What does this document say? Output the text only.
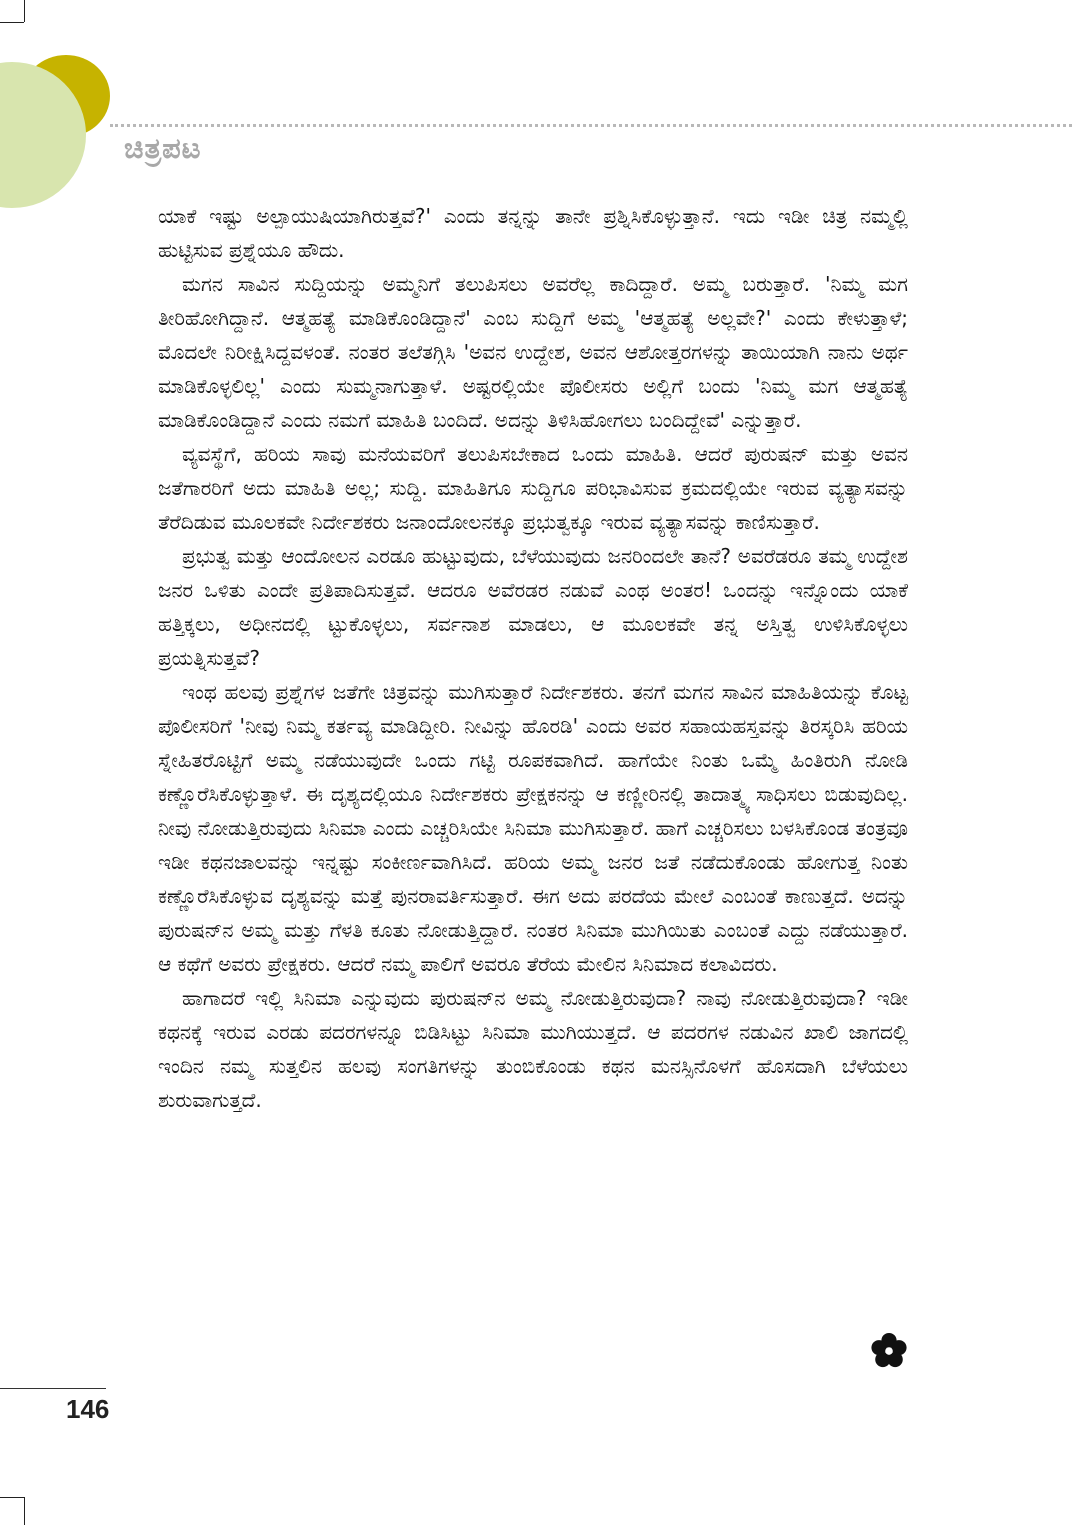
ಚಿತ್ರಪಟ

ಯಾಕೆ ಇಷ್ಟು ಅಲ್ಪಾಯುಷಿಯಾಗಿರುತ್ತವೆ?' ಎಂದು ತನ್ನನ್ನು ತಾನೇ ಪ್ರಶ್ನಿಸಿಕೊಳ್ಳುತ್ತಾನೆ. ಇದು ಇಡೀ ಚಿತ್ರ ನಮ್ಮಲ್ಲಿ ಹುಟ್ಟಿಸುವ ಪ್ರಶ್ನೆಯೂ ಹೌದು.

ಮಗನ ಸಾವಿನ ಸುದ್ದಿಯನ್ನು ಅಮ್ಮನಿಗೆ ತಲುಪಿಸಲು ಅವರೆಲ್ಲ ಕಾದಿದ್ದಾರೆ. ಅಮ್ಮ ಬರುತ್ತಾರೆ. 'ನಿಮ್ಮ ಮಗ ತೀರಿಹೋಗಿದ್ದಾನೆ. ಆತ್ಮಹತ್ಯೆ ಮಾಡಿಕೊಂಡಿದ್ದಾನೆ' ಎಂಬ ಸುದ್ದಿಗೆ ಅಮ್ಮ 'ಆತ್ಮಹತ್ಯೆ ಅಲ್ಲವೇ?' ಎಂದು ಕೇಳುತ್ತಾಳೆ; ಮೊದಲೇ ನಿರೀಕ್ಷಿಸಿದ್ದವಳಂತೆ. ನಂತರ ತಲೆತಗ್ಗಿಸಿ 'ಅವನ ಉದ್ದೇಶ, ಅವನ ಆಶೋತ್ತರಗಳನ್ನು ತಾಯಿಯಾಗಿ ನಾನು ಅರ್ಥ ಮಾಡಿಕೊಳ್ಳಲಿಲ್ಲ' ಎಂದು ಸುಮ್ಮನಾಗುತ್ತಾಳೆ. ಅಷ್ಟರಲ್ಲಿಯೇ ಪೊಲೀಸರು ಅಲ್ಲಿಗೆ ಬಂದು 'ನಿಮ್ಮ ಮಗ ಆತ್ಮಹತ್ಯೆ ಮಾಡಿಕೊಂಡಿದ್ದಾನೆ ಎಂದು ನಮಗೆ ಮಾಹಿತಿ ಬಂದಿದೆ. ಅದನ್ನು ತಿಳಿಸಿಹೋಗಲು ಬಂದಿದ್ದೇವೆ' ಎನ್ನುತ್ತಾರೆ.

ವ್ಯವಸ್ಥೆಗೆ, ಹರಿಯ ಸಾವು ಮನೆಯವರಿಗೆ ತಲುಪಿಸಬೇಕಾದ ಒಂದು ಮಾಹಿತಿ. ಆದರೆ ಪುರುಷನ್ ಮತ್ತು ಅವನ ಜತೆಗಾರರಿಗೆ ಅದು ಮಾಹಿತಿ ಅಲ್ಲ; ಸುದ್ದಿ. ಮಾಹಿತಿಗೂ ಸುದ್ದಿಗೂ ಪರಿಭಾವಿಸುವ ಕ್ರಮದಲ್ಲಿಯೇ ಇರುವ ವ್ಯತ್ಯಾಸವನ್ನು ತೆರೆದಿಡುವ ಮೂಲಕವೇ ನಿರ್ದೇಶಕರು ಜನಾಂದೋಲನಕ್ಕೂ ಪ್ರಭುತ್ವಕ್ಕೂ ಇರುವ ವ್ಯತ್ಯಾಸವನ್ನು ಕಾಣಿಸುತ್ತಾರೆ.

ಪ್ರಭುತ್ವ ಮತ್ತು ಆಂದೋಲನ ಎರಡೂ ಹುಟ್ಟುವುದು, ಬೆಳೆಯುವುದು ಜನರಿಂದಲೇ ತಾನೆ? ಅವರೆಡರೂ ತಮ್ಮ ಉದ್ದೇಶ ಜನರ ಒಳಿತು ಎಂದೇ ಪ್ರತಿಪಾದಿಸುತ್ತವೆ. ಆದರೂ ಅವೆರಡರ ನಡುವೆ ಎಂಥ ಅಂತರ! ಒಂದನ್ನು ಇನ್ನೊಂದು ಯಾಕೆ ಹತ್ತಿಕ್ಕಲು, ಅಧೀನದಲ್ಲಿ ಟ್ಟುಕೊಳ್ಳಲು, ಸರ್ವನಾಶ ಮಾಡಲು, ಆ ಮೂಲಕವೇ ತನ್ನ ಅಸ್ತಿತ್ವ ಉಳಿಸಿಕೊಳ್ಳಲು ಪ್ರಯತ್ನಿಸುತ್ತವೆ?

ಇಂಥ ಹಲವು ಪ್ರಶ್ನೆಗಳ ಜತೆಗೇ ಚಿತ್ರವನ್ನು ಮುಗಿಸುತ್ತಾರೆ ನಿರ್ದೇಶಕರು. ತನಗೆ ಮಗನ ಸಾವಿನ ಮಾಹಿತಿಯನ್ನು ಕೊಟ್ಟ ಪೊಲೀಸರಿಗೆ 'ನೀವು ನಿಮ್ಮ ಕರ್ತವ್ಯ ಮಾಡಿದ್ದೀರಿ. ನೀವಿನ್ನು ಹೊರಡಿ' ಎಂದು ಅವರ ಸಹಾಯಹಸ್ತವನ್ನು ತಿರಸ್ಕರಿಸಿ ಹರಿಯ ಸ್ನೇಹಿತರೊಟ್ಟಿಗೆ ಅಮ್ಮ ನಡೆಯುವುದೇ ಒಂದು ಗಟ್ಟಿ ರೂಪಕವಾಗಿದೆ. ಹಾಗೆಯೇ ನಿಂತು ಒಮ್ಮೆ ಹಿಂತಿರುಗಿ ನೋಡಿ ಕಣ್ಣೊರೆಸಿಕೊಳ್ಳುತ್ತಾಳೆ. ಈ ದೃಶ್ಯದಲ್ಲಿಯೂ ನಿರ್ದೇಶಕರು ಪ್ರೇಕ್ಷಕನನ್ನು ಆ ಕಣ್ಣೀರಿನಲ್ಲಿ ತಾದಾತ್ಮ್ಯ ಸಾಧಿಸಲು ಬಿಡುವುದಿಲ್ಲ. ನೀವು ನೋಡುತ್ತಿರುವುದು ಸಿನಿಮಾ ಎಂದು ಎಚ್ಚರಿಸಿಯೇ ಸಿನಿಮಾ ಮುಗಿಸುತ್ತಾರೆ. ಹಾಗೆ ಎಚ್ಚರಿಸಲು ಬಳಸಿಕೊಂಡ ತಂತ್ರವೂ ಇಡೀ ಕಥನಜಾಲವನ್ನು ಇನ್ನಷ್ಟು ಸಂಕೀರ್ಣವಾಗಿಸಿದೆ. ಹರಿಯ ಅಮ್ಮ ಜನರ ಜತೆ ನಡೆದುಕೊಂಡು ಹೋಗುತ್ತ ನಿಂತು ಕಣ್ಣೊರೆಸಿಕೊಳ್ಳುವ ದೃಶ್ಯವನ್ನು ಮತ್ತೆ ಪುನರಾವರ್ತಿಸುತ್ತಾರೆ. ಈಗ ಅದು ಪರದೆಯ ಮೇಲೆ ಎಂಬಂತೆ ಕಾಣುತ್ತದೆ. ಅದನ್ನು ಪುರುಷನ್‌ನ ಅಮ್ಮ ಮತ್ತು ಗೆಳತಿ ಕೂತು ನೋಡುತ್ತಿದ್ದಾರೆ. ನಂತರ ಸಿನಿಮಾ ಮುಗಿಯಿತು ಎಂಬಂತೆ ಎದ್ದು ನಡೆಯುತ್ತಾರೆ. ಆ ಕಥೆಗೆ ಅವರು ಪ್ರೇಕ್ಷಕರು. ಆದರೆ ನಮ್ಮ ಪಾಲಿಗೆ ಅವರೂ ತೆರೆಯ ಮೇಲಿನ ಸಿನಿಮಾದ ಕಲಾವಿದರು.

ಹಾಗಾದರೆ ಇಲ್ಲಿ ಸಿನಿಮಾ ಎನ್ನುವುದು ಪುರುಷನ್‌ನ ಅಮ್ಮ ನೋಡುತ್ತಿರುವುದಾ? ನಾವು ನೋಡುತ್ತಿರುವುದಾ? ಇಡೀ ಕಥನಕ್ಕೆ ಇರುವ ಎರಡು ಪದರಗಳನ್ನೂ ಬಿಡಿಸಿಟ್ಟು ಸಿನಿಮಾ ಮುಗಿಯುತ್ತದೆ. ಆ ಪದರಗಳ ನಡುವಿನ ಖಾಲಿ ಜಾಗದಲ್ಲಿ ಇಂದಿನ ನಮ್ಮ ಸುತ್ತಲಿನ ಹಲವು ಸಂಗತಿಗಳನ್ನು ತುಂಬಿಕೊಂಡು ಕಥನ ಮನಸ್ಸಿನೊಳಗೆ ಹೊಸದಾಗಿ ಬೆಳೆಯಲು ಶುರುವಾಗುತ್ತದೆ.

146
